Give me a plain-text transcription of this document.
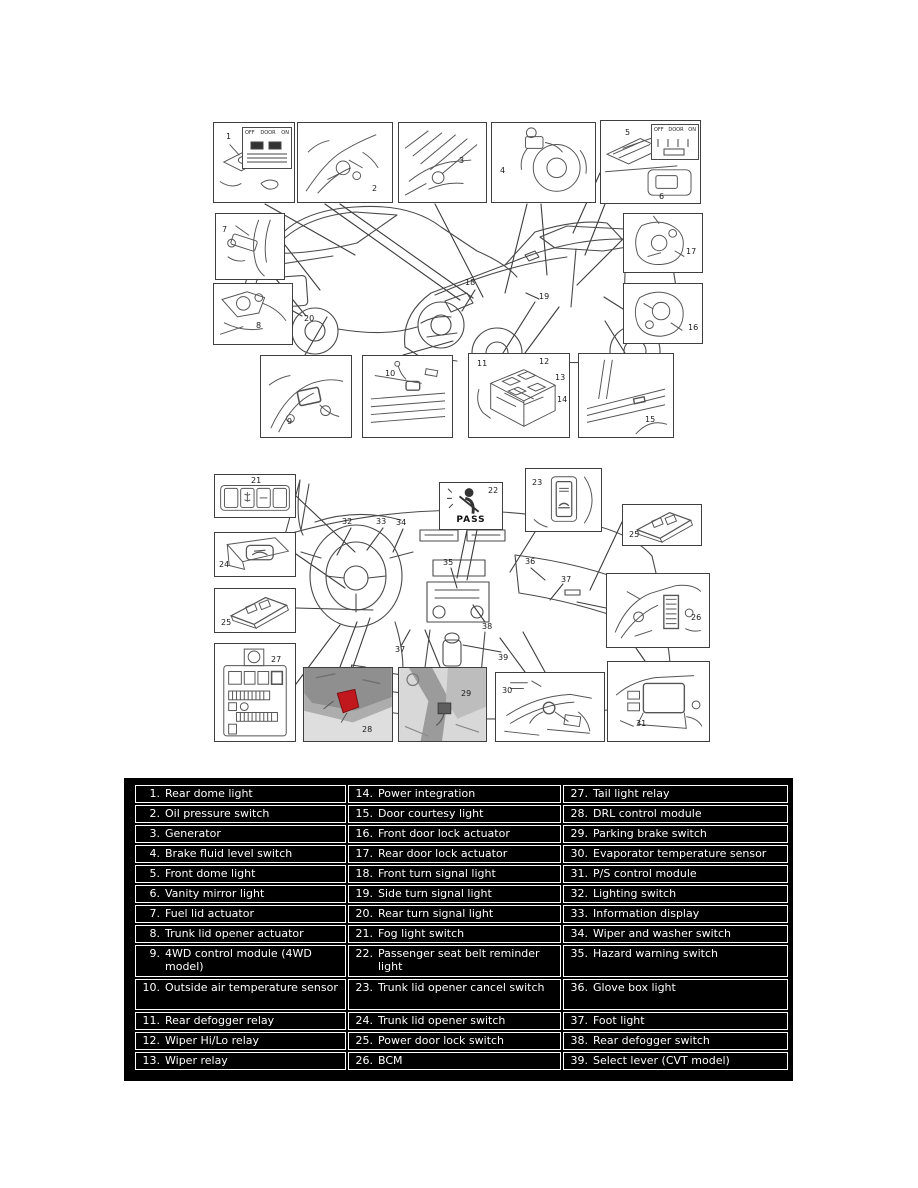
1	OFF DOOR ON
2
3
4
5
6
OFF DOOR ON
7
8
17
16
9
10
11	12
13
14
15
18
19
20
21
PASS
22
23
25
24
25
26
27
28
29	30
31
32	33 34
35	36
37
37
38
39
1. Rear dome light
2. Oil pressure switch
3. Generator
4. Brake fluid level switch
5. Front dome light
6. Vanity mirror light
7. Fuel lid actuator
8. Trunk lid opener actuator
9. 4WD control module (4WD model)
10. Outside air temperature sensor
11. Rear defogger relay
12. Wiper Hi/Lo relay
13. Wiper relay
14. Power integration
15. Door courtesy light
16. Front door lock actuator
17. Rear door lock actuator
18. Front turn signal light
19. Side turn signal light
20. Rear turn signal light
21. Fog light switch
22. Passenger seat belt reminder light
23. Trunk lid opener cancel switch
24. Trunk lid opener switch
25. Power door lock switch
26. BCM
27. Tail light relay
28. DRL control module
29. Parking brake switch
30. Evaporator temperature sensor
31. P/S control module
32. Lighting switch
33. Information display
34. Wiper and washer switch
35. Hazard warning switch
36. Glove box light
37. Foot light
38. Rear defogger switch
39. Select lever (CVT model)
